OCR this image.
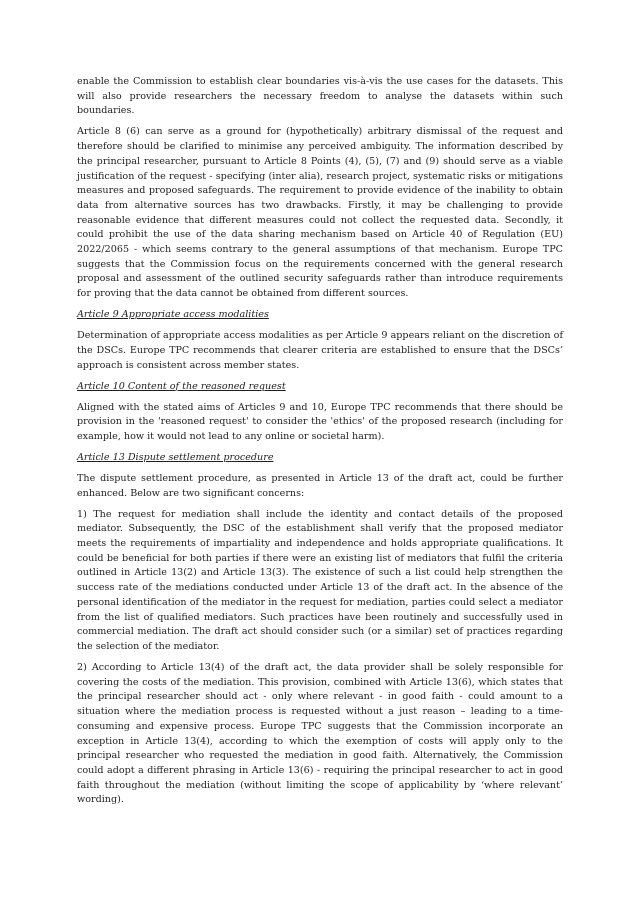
enable the Commission to establish clear boundaries vis-à-vis the use cases for the datasets. This will also provide researchers the necessary freedom to analyse the datasets within such boundaries.

Article 8 (6) can serve as a ground for (hypothetically) arbitrary dismissal of the request and therefore should be clarified to minimise any perceived ambiguity. The information described by the principal researcher, pursuant to Article 8 Points (4), (5), (7) and (9) should serve as a viable justification of the request - specifying (inter alia), research project, systematic risks or mitigations measures and proposed safeguards. The requirement to provide evidence of the inability to obtain data from alternative sources has two drawbacks. Firstly, it may be challenging to provide reasonable evidence that different measures could not collect the requested data. Secondly, it could prohibit the use of the data sharing mechanism based on Article 40 of Regulation (EU) 2022/2065 - which seems contrary to the general assumptions of that mechanism. Europe TPC suggests that the Commission focus on the requirements concerned with the general research proposal and assessment of the outlined security safeguards rather than introduce requirements for proving that the data cannot be obtained from different sources.

Article 9 Appropriate access modalities

Determination of appropriate access modalities as per Article 9 appears reliant on the discretion of the DSCs. Europe TPC recommends that clearer criteria are established to ensure that the DSCs’ approach is consistent across member states.

Article 10 Content of the reasoned request

Aligned with the stated aims of Articles 9 and 10, Europe TPC recommends that there should be provision in the 'reasoned request' to consider the 'ethics' of the proposed research (including for example, how it would not lead to any online or societal harm).

Article 13 Dispute settlement procedure

The dispute settlement procedure, as presented in Article 13 of the draft act, could be further enhanced. Below are two significant concerns:

1) The request for mediation shall include the identity and contact details of the proposed mediator. Subsequently, the DSC of the establishment shall verify that the proposed mediator meets the requirements of impartiality and independence and holds appropriate qualifications. It could be beneficial for both parties if there were an existing list of mediators that fulfil the criteria outlined in Article 13(2) and Article 13(3). The existence of such a list could help strengthen the success rate of the mediations conducted under Article 13 of the draft act. In the absence of the personal identification of the mediator in the request for mediation, parties could select a mediator from the list of qualified mediators. Such practices have been routinely and successfully used in commercial mediation. The draft act should consider such (or a similar) set of practices regarding the selection of the mediator.

2) According to Article 13(4) of the draft act, the data provider shall be solely responsible for covering the costs of the mediation. This provision, combined with Article 13(6), which states that the principal researcher should act - only where relevant - in good faith - could amount to a situation where the mediation process is requested without a just reason – leading to a time-consuming and expensive process. Europe TPC suggests that the Commission incorporate an exception in Article 13(4), according to which the exemption of costs will apply only to the principal researcher who requested the mediation in good faith. Alternatively, the Commission could adopt a different phrasing in Article 13(6) - requiring the principal researcher to act in good faith throughout the mediation (without limiting the scope of applicability by ‘where relevant’ wording).
